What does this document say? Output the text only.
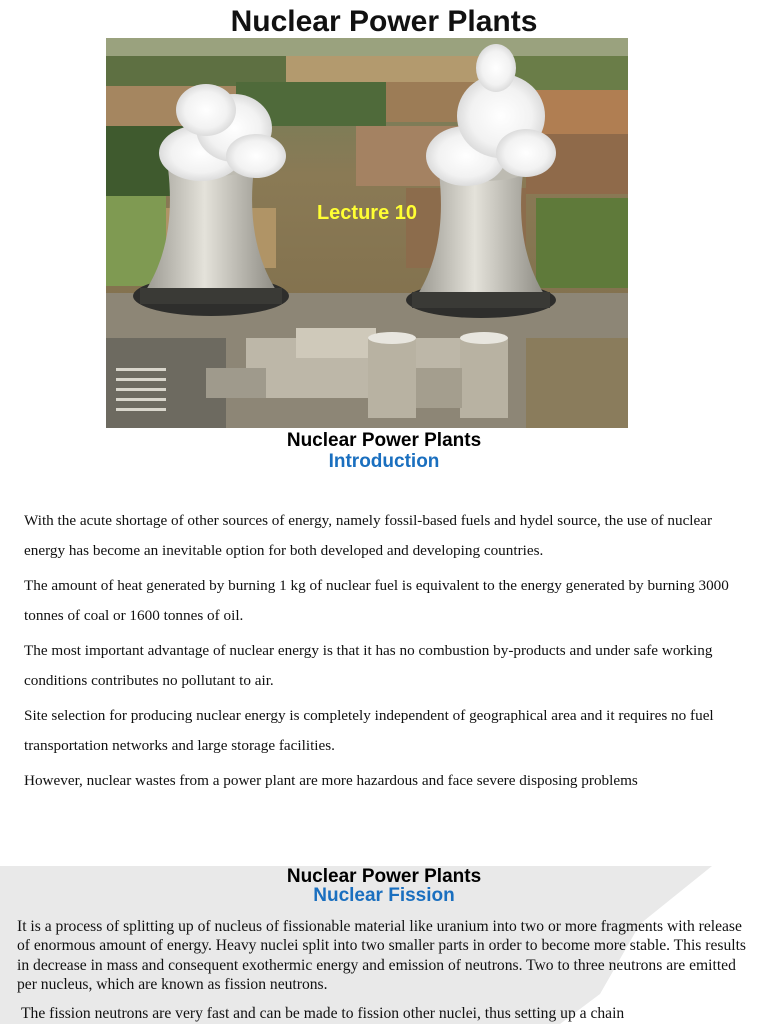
Nuclear Power Plants
Lecture 10
Nuclear Power Plants
Introduction

With the acute shortage of other sources of energy, namely fossil-based fuels and hydel source, the use of nuclear energy has become an inevitable option for both developed and developing countries.

The amount of heat generated by burning 1 kg of nuclear fuel is equivalent to the energy generated by burning 3000 tonnes of coal or 1600 tonnes of oil.

The most important advantage of nuclear energy is that it has no combustion by-products and under safe working conditions contributes no pollutant to air.

Site selection for producing nuclear energy is completely independent of geographical area and it requires no fuel transportation networks and large storage facilities.

However, nuclear wastes from a power plant are more hazardous and face severe disposing problems

Nuclear Power Plants
Nuclear Fission

It is a process of splitting up of nucleus of fissionable material like uranium into two or more fragments with release of enormous amount of energy. Heavy nuclei split into two smaller parts in order to become more stable. This results in decrease in mass and consequent exothermic energy and emission of neutrons. Two to three neutrons are emitted per nucleus, which are known as fission neutrons.

The fission neutrons are very fast and can be made to fission other nuclei, thus setting up a chain
